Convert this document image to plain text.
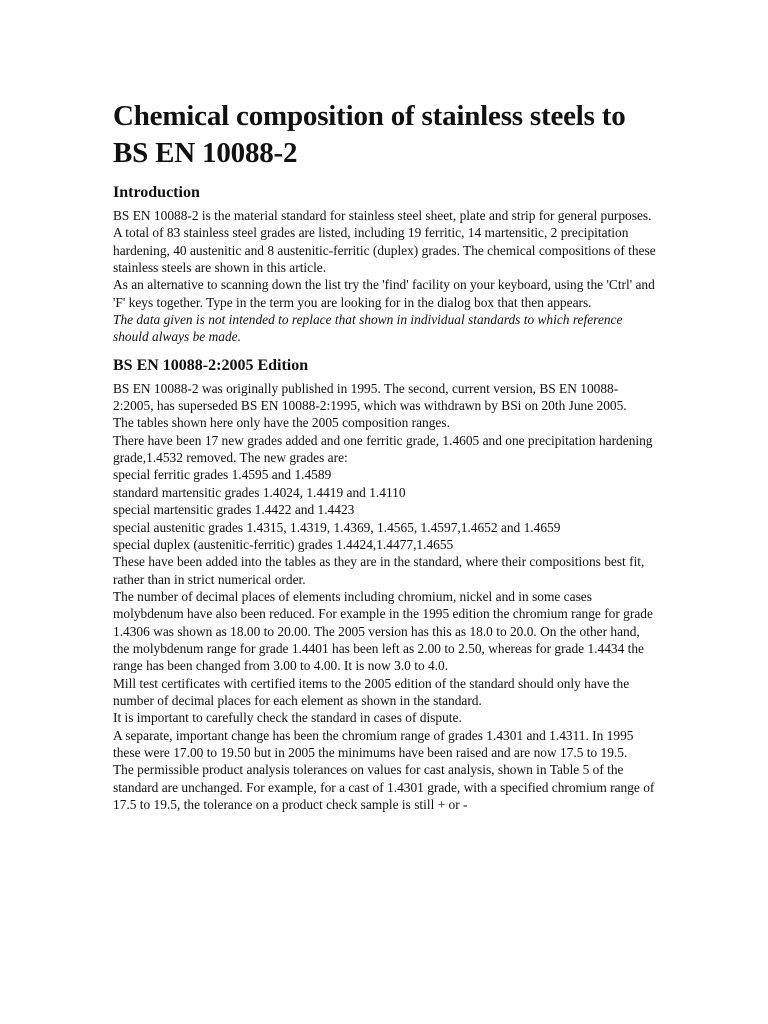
Chemical composition of stainless steels to BS EN 10088-2
Introduction

BS EN 10088-2 is the material standard for stainless steel sheet, plate and strip for general purposes. A total of 83 stainless steel grades are listed, including 19 ferritic, 14 martensitic, 2 precipitation hardening, 40 austenitic and 8 austenitic-ferritic (duplex) grades. The chemical compositions of these stainless steels are shown in this article.

As an alternative to scanning down the list try the 'find' facility on your keyboard, using the 'Ctrl' and 'F' keys together. Type in the term you are looking for in the dialog box that then appears.

The data given is not intended to replace that shown in individual standards to which reference should always be made.

BS EN 10088-2:2005 Edition

BS EN 10088-2 was originally published in 1995. The second, current version, BS EN 10088-2:2005, has superseded BS EN 10088-2:1995, which was withdrawn by BSi on 20th June 2005.

The tables shown here only have the 2005 composition ranges.

There have been 17 new grades added and one ferritic grade, 1.4605 and one precipitation hardening grade,1.4532 removed. The new grades are:

special ferritic grades 1.4595 and 1.4589

standard martensitic grades 1.4024, 1.4419 and 1.4110

special martensitic grades 1.4422 and 1.4423

special austenitic grades 1.4315, 1.4319, 1.4369, 1.4565, 1.4597,1.4652 and 1.4659

special duplex (austenitic-ferritic) grades 1.4424,1.4477,1.4655

These have been added into the tables as they are in the standard, where their compositions best fit, rather than in strict numerical order.

The number of decimal places of elements including chromium, nickel and in some cases molybdenum have also been reduced. For example in the 1995 edition the chromium range for grade 1.4306 was shown as 18.00 to 20.00. The 2005 version has this as 18.0 to 20.0. On the other hand, the molybdenum range for grade 1.4401 has been left as 2.00 to 2.50, whereas for grade 1.4434 the range has been changed from 3.00 to 4.00. It is now 3.0 to 4.0.

Mill test certificates with certified items to the 2005 edition of the standard should only have the number of decimal places for each element as shown in the standard.

It is important to carefully check the standard in cases of dispute.

A separate, important change has been the chromium range of grades 1.4301 and 1.4311. In 1995 these were 17.00 to 19.50 but in 2005 the minimums have been raised and are now 17.5 to 19.5.

The permissible product analysis tolerances on values for cast analysis, shown in Table 5 of the standard are unchanged. For example, for a cast of 1.4301 grade, with a specified chromium range of 17.5 to 19.5, the tolerance on a product check sample is still + or -
